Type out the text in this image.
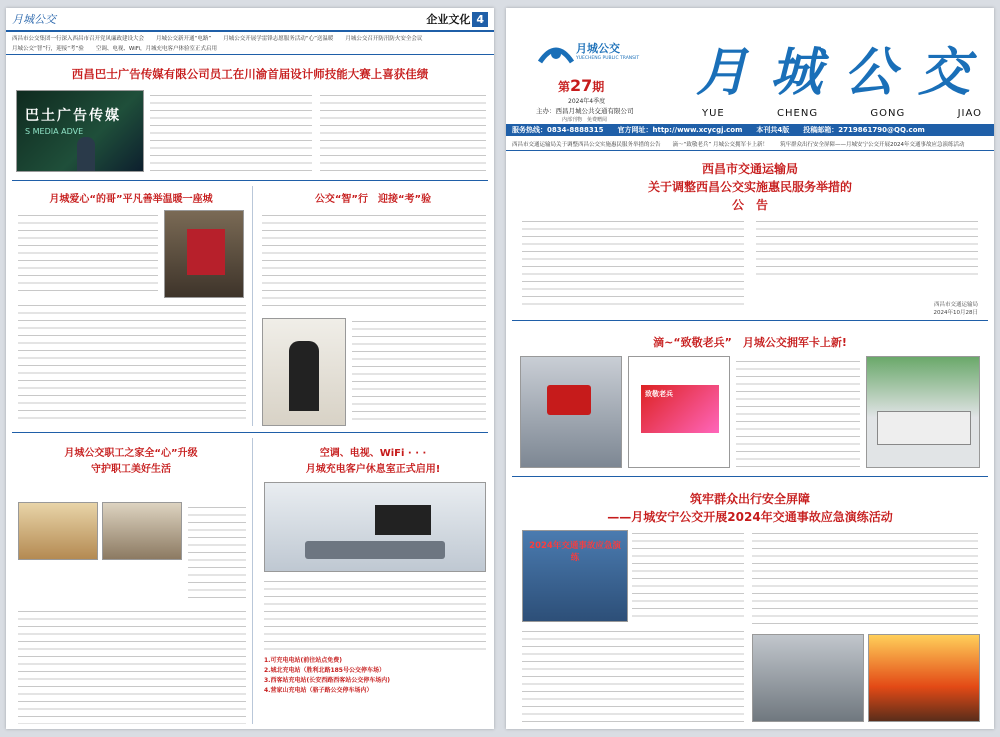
月城公交	企业文化 4
西昌市公交集团一行深入西昌市召开党风廉政建设大会 月城公交新开通“电路” 月城公交开展学雷锋志愿服务活动“心”送温暖 月城公交召开防汛防火安全会议
月城公交“智”行，迎接“考”验 空调、电视、WiFi，月城充电客户体验室正式启用
西昌巴士广告传媒有限公司员工在川渝首届设计师技能大赛上喜获佳绩
巴土广告传媒
S MEDIA ADVE
月城爱心“的哥”平凡善举温暖一座城	公交“智”行　迎接“考”验
月城公交职工之家全“心”升级
守护职工美好生活
空调、电视、WiFi · · ·
月城充电客户休息室正式启用!
1.可充电电站(前往站点免费)
2.城北充电站（胜利北路185号公交停车场）
3.西客站充电站(长安西路西客站公交停车场内)
4.营家山充电站（骆子路公交停车场内）
月城公交
YUECHENG PUBLIC TRANSIT
第27期
2024年4季度
主办：西昌月城公共交通有限公司
内部刊物　免费赠阅
月城公交
YUE	CHENG	GONG	JIAO
服务热线：0834-8888315 官方网址：http://www.xcycgj.com 本刊共4版 投稿邮箱：2719861790@QQ.com
西昌市交通运输局关于调整西昌公交实施惠民服务举措的公告 滴～“致敬老兵” 月城公交拥军卡上新！ 筑牢群众出行安全屏障——月城安宁公交开展2024年交通事故应急演练活动
西昌市交通运输局
关于调整西昌公交实施惠民服务举措的
公　告
西昌市交通运输局
2024年10月28日
滴~“致敬老兵”　月城公交拥军卡上新!
致敬老兵
筑牢群众出行安全屏障
——月城安宁公交开展2024年交通事故应急演练活动
2024年交通事故应急演练
